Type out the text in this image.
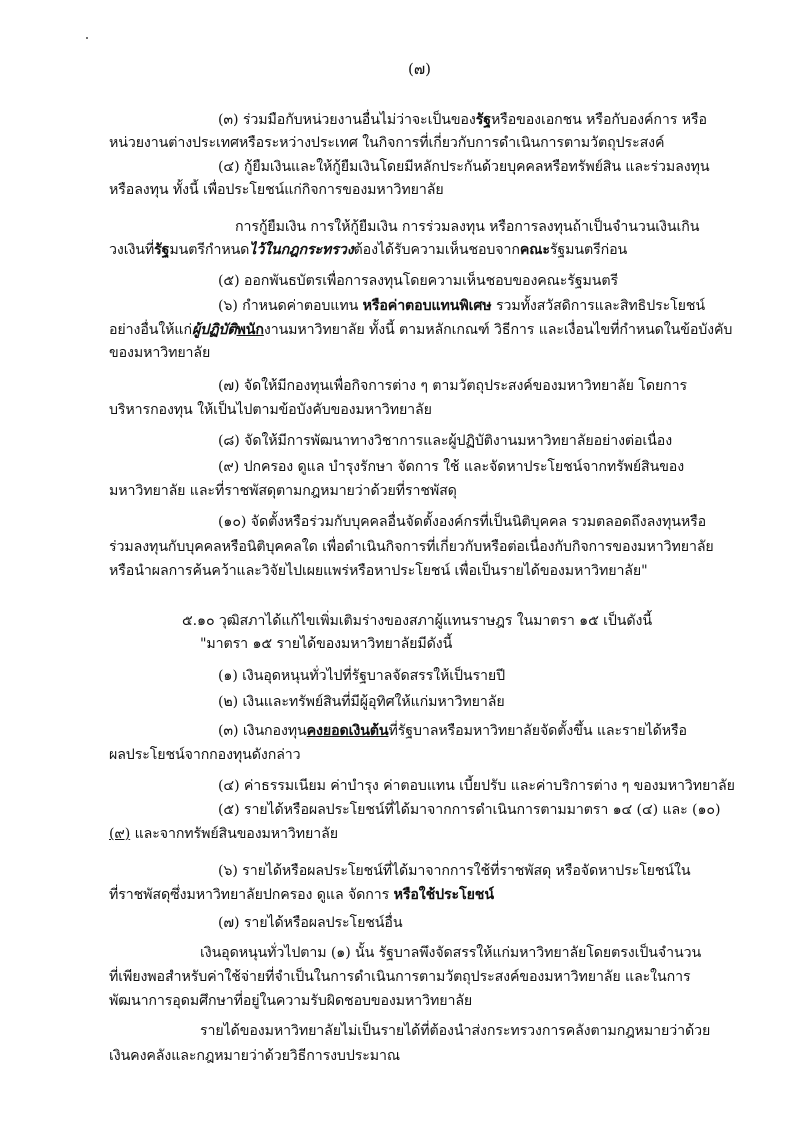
(๗)
(๓) ร่วมมือกับหน่วยงานอื่นไม่ว่าจะเป็นของรัฐหรือของเอกชน หรือกับองค์การ หรือ
หน่วยงานต่างประเทศหรือระหว่างประเทศ ในกิจการที่เกี่ยวกับการดำเนินการตามวัตถุประสงค์
(๔) กู้ยืมเงินและให้กู้ยืมเงินโดยมีหลักประกันด้วยบุคคลหรือทรัพย์สิน และร่วมลงทุน
หรือลงทุน ทั้งนี้ เพื่อประโยชน์แก่กิจการของมหาวิทยาลัย
การกู้ยืมเงิน การให้กู้ยืมเงิน การร่วมลงทุน หรือการลงทุนถ้าเป็นจำนวนเงินเกิน
วงเงินที่รัฐมนตรีกำหนดไว้ในกฎกระทรวงต้องได้รับความเห็นชอบจากคณะรัฐมนตรีก่อน
(๕) ออกพันธบัตรเพื่อการลงทุนโดยความเห็นชอบของคณะรัฐมนตรี
(๖) กำหนดค่าตอบแทน หรือค่าตอบแทนพิเศษ รวมทั้งสวัสดิการและสิทธิประโยชน์
อย่างอื่นให้แก่ผู้ปฏิบัติพนักงานมหาวิทยาลัย ทั้งนี้ ตามหลักเกณฑ์ วิธีการ และเงื่อนไขที่กำหนดในข้อบังคับ
ของมหาวิทยาลัย
(๗) จัดให้มีกองทุนเพื่อกิจการต่าง ๆ ตามวัตถุประสงค์ของมหาวิทยาลัย โดยการ
บริหารกองทุน ให้เป็นไปตามข้อบังคับของมหาวิทยาลัย
(๘) จัดให้มีการพัฒนาทางวิชาการและผู้ปฏิบัติงานมหาวิทยาลัยอย่างต่อเนื่อง
(๙) ปกครอง ดูแล บำรุงรักษา จัดการ ใช้ และจัดหาประโยชน์จากทรัพย์สินของ
มหาวิทยาลัย และที่ราชพัสดุตามกฎหมายว่าด้วยที่ราชพัสดุ
(๑๐) จัดตั้งหรือร่วมกับบุคคลอื่นจัดตั้งองค์กรที่เป็นนิติบุคคล รวมตลอดถึงลงทุนหรือ
ร่วมลงทุนกับบุคคลหรือนิติบุคคลใด เพื่อดำเนินกิจการที่เกี่ยวกับหรือต่อเนื่องกับกิจการของมหาวิทยาลัย
หรือนำผลการค้นคว้าและวิจัยไปเผยแพร่หรือหาประโยชน์ เพื่อเป็นรายได้ของมหาวิทยาลัย"
๕.๑๐ วุฒิสภาได้แก้ไขเพิ่มเติมร่างของสภาผู้แทนราษฎร ในมาตรา ๑๕ เป็นดังนี้
"มาตรา ๑๕ รายได้ของมหาวิทยาลัยมีดังนี้
(๑) เงินอุดหนุนทั่วไปที่รัฐบาลจัดสรรให้เป็นรายปี
(๒) เงินและทรัพย์สินที่มีผู้อุทิศให้แก่มหาวิทยาลัย
(๓) เงินกองทุนคงยอดเงินต้นที่รัฐบาลหรือมหาวิทยาลัยจัดตั้งขึ้น และรายได้หรือ
ผลประโยชน์จากกองทุนดังกล่าว
(๔) ค่าธรรมเนียม ค่าบำรุง ค่าตอบแทน เบี้ยปรับ และค่าบริการต่าง ๆ ของมหาวิทยาลัย
(๕) รายได้หรือผลประโยชน์ที่ได้มาจากการดำเนินการตามมาตรา ๑๔ (๔) และ (๑๐)
(๙) และจากทรัพย์สินของมหาวิทยาลัย
(๖) รายได้หรือผลประโยชน์ที่ได้มาจากการใช้ที่ราชพัสดุ หรือจัดหาประโยชน์ใน
ที่ราชพัสดุซึ่งมหาวิทยาลัยปกครอง ดูแล จัดการ หรือใช้ประโยชน์
(๗) รายได้หรือผลประโยชน์อื่น
เงินอุดหนุนทั่วไปตาม (๑) นั้น รัฐบาลพึงจัดสรรให้แก่มหาวิทยาลัยโดยตรงเป็นจำนวน
ที่เพียงพอสำหรับค่าใช้จ่ายที่จำเป็นในการดำเนินการตามวัตถุประสงค์ของมหาวิทยาลัย และในการ
พัฒนาการอุดมศึกษาที่อยู่ในความรับผิดชอบของมหาวิทยาลัย
รายได้ของมหาวิทยาลัยไม่เป็นรายได้ที่ต้องนำส่งกระทรวงการคลังตามกฎหมายว่าด้วย
เงินคงคลังและกฎหมายว่าด้วยวิธีการงบประมาณ
